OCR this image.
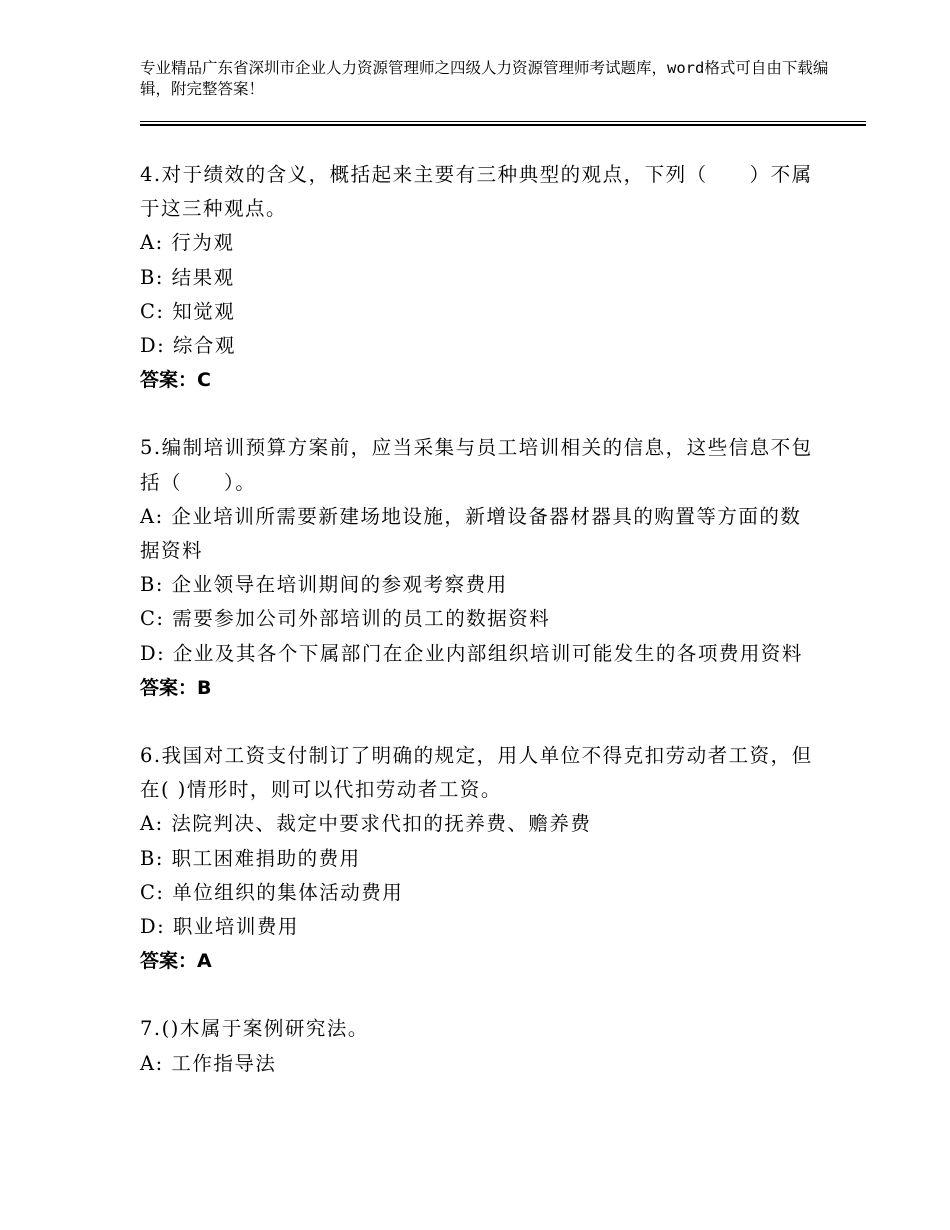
专业精品广东省深圳市企业人力资源管理师之四级人力资源管理师考试题库，word格式可自由下载编辑，附完整答案！
4.对于绩效的含义，概括起来主要有三种典型的观点，下列（　　）不属于这三种观点。
A: 行为观
B: 结果观
C: 知觉观
D: 综合观
答案：C
5.编制培训预算方案前，应当采集与员工培训相关的信息，这些信息不包括（　　）。
A: 企业培训所需要新建场地设施，新增设备器材器具的购置等方面的数据资料
B: 企业领导在培训期间的参观考察费用
C: 需要参加公司外部培训的员工的数据资料
D: 企业及其各个下属部门在企业内部组织培训可能发生的各项费用资料
答案：B
6.我国对工资支付制订了明确的规定，用人单位不得克扣劳动者工资，但在( )情形时，则可以代扣劳动者工资。
A: 法院判决、裁定中要求代扣的抚养费、赡养费
B: 职工困难捐助的费用
C: 单位组织的集体活动费用
D: 职业培训费用
答案：A
7.()木属于案例研究法。
A: 工作指导法
